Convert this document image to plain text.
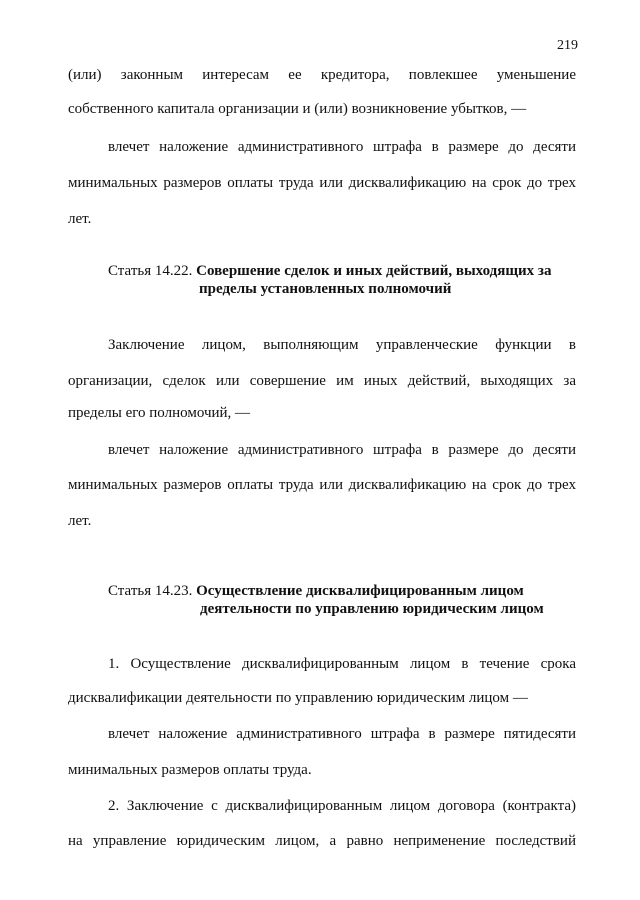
219
(или) законным интересам ее кредитора, повлекшее уменьшение
собственного капитала организации и (или) возникновение убытков, —
влечет наложение административного штрафа в размере до десяти
минимальных размеров оплаты труда или дисквалификацию на срок до трех
лет.
Статья 14.22. Совершение сделок и иных действий, выходящих за
пределы установленных полномочий
Заключение лицом, выполняющим управленческие функции в
организации, сделок или совершение им иных действий, выходящих за
пределы его полномочий, —
влечет наложение административного штрафа в размере до десяти
минимальных размеров оплаты труда или дисквалификацию на срок до трех
лет.
Статья 14.23. Осуществление дисквалифицированным лицом
деятельности по управлению юридическим лицом
1. Осуществление дисквалифицированным лицом в течение срока
дисквалификации деятельности по управлению юридическим лицом —
влечет наложение административного штрафа в размере пятидесяти
минимальных размеров оплаты труда.
2. Заключение с дисквалифицированным лицом договора (контракта)
на управление юридическим лицом, а равно неприменение последствий
